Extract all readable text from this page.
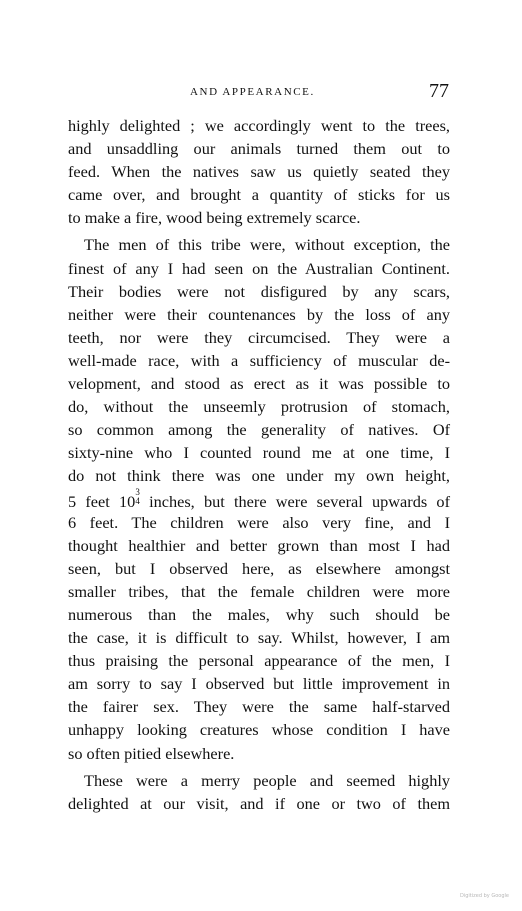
AND APPEARANCE.	77
highly delighted ; we accordingly went to the trees,
and unsaddling our animals turned them out to
feed. When the natives saw us quietly seated they
came over, and brought a quantity of sticks for us
to make a fire, wood being extremely scarce.
The men of this tribe were, without exception, the
finest of any I had seen on the Australian Continent.
Their bodies were not disfigured by any scars,
neither were their countenances by the loss of any
teeth, nor were they circumcised. They were a
well-made race, with a sufficiency of muscular de-
velopment, and stood as erect as it was possible to
do, without the unseemly protrusion of stomach,
so common among the generality of natives. Of
sixty-nine who I counted round me at one time, I
do not think there was one under my own height,
5 feet 10 3
4 inches, but there were several upwards of
6 feet. The children were also very fine, and I
thought healthier and better grown than most I had
seen, but I observed here, as elsewhere amongst
smaller tribes, that the female children were more
numerous than the males, why such should be
the case, it is difficult to say. Whilst, however, I am
thus praising the personal appearance of the men, I
am sorry to say I observed but little improvement in
the fairer sex. They were the same half-starved
unhappy looking creatures whose condition I have
so often pitied elsewhere.
These were a merry people and seemed highly
delighted at our visit, and if one or two of them
Digitized by Google
